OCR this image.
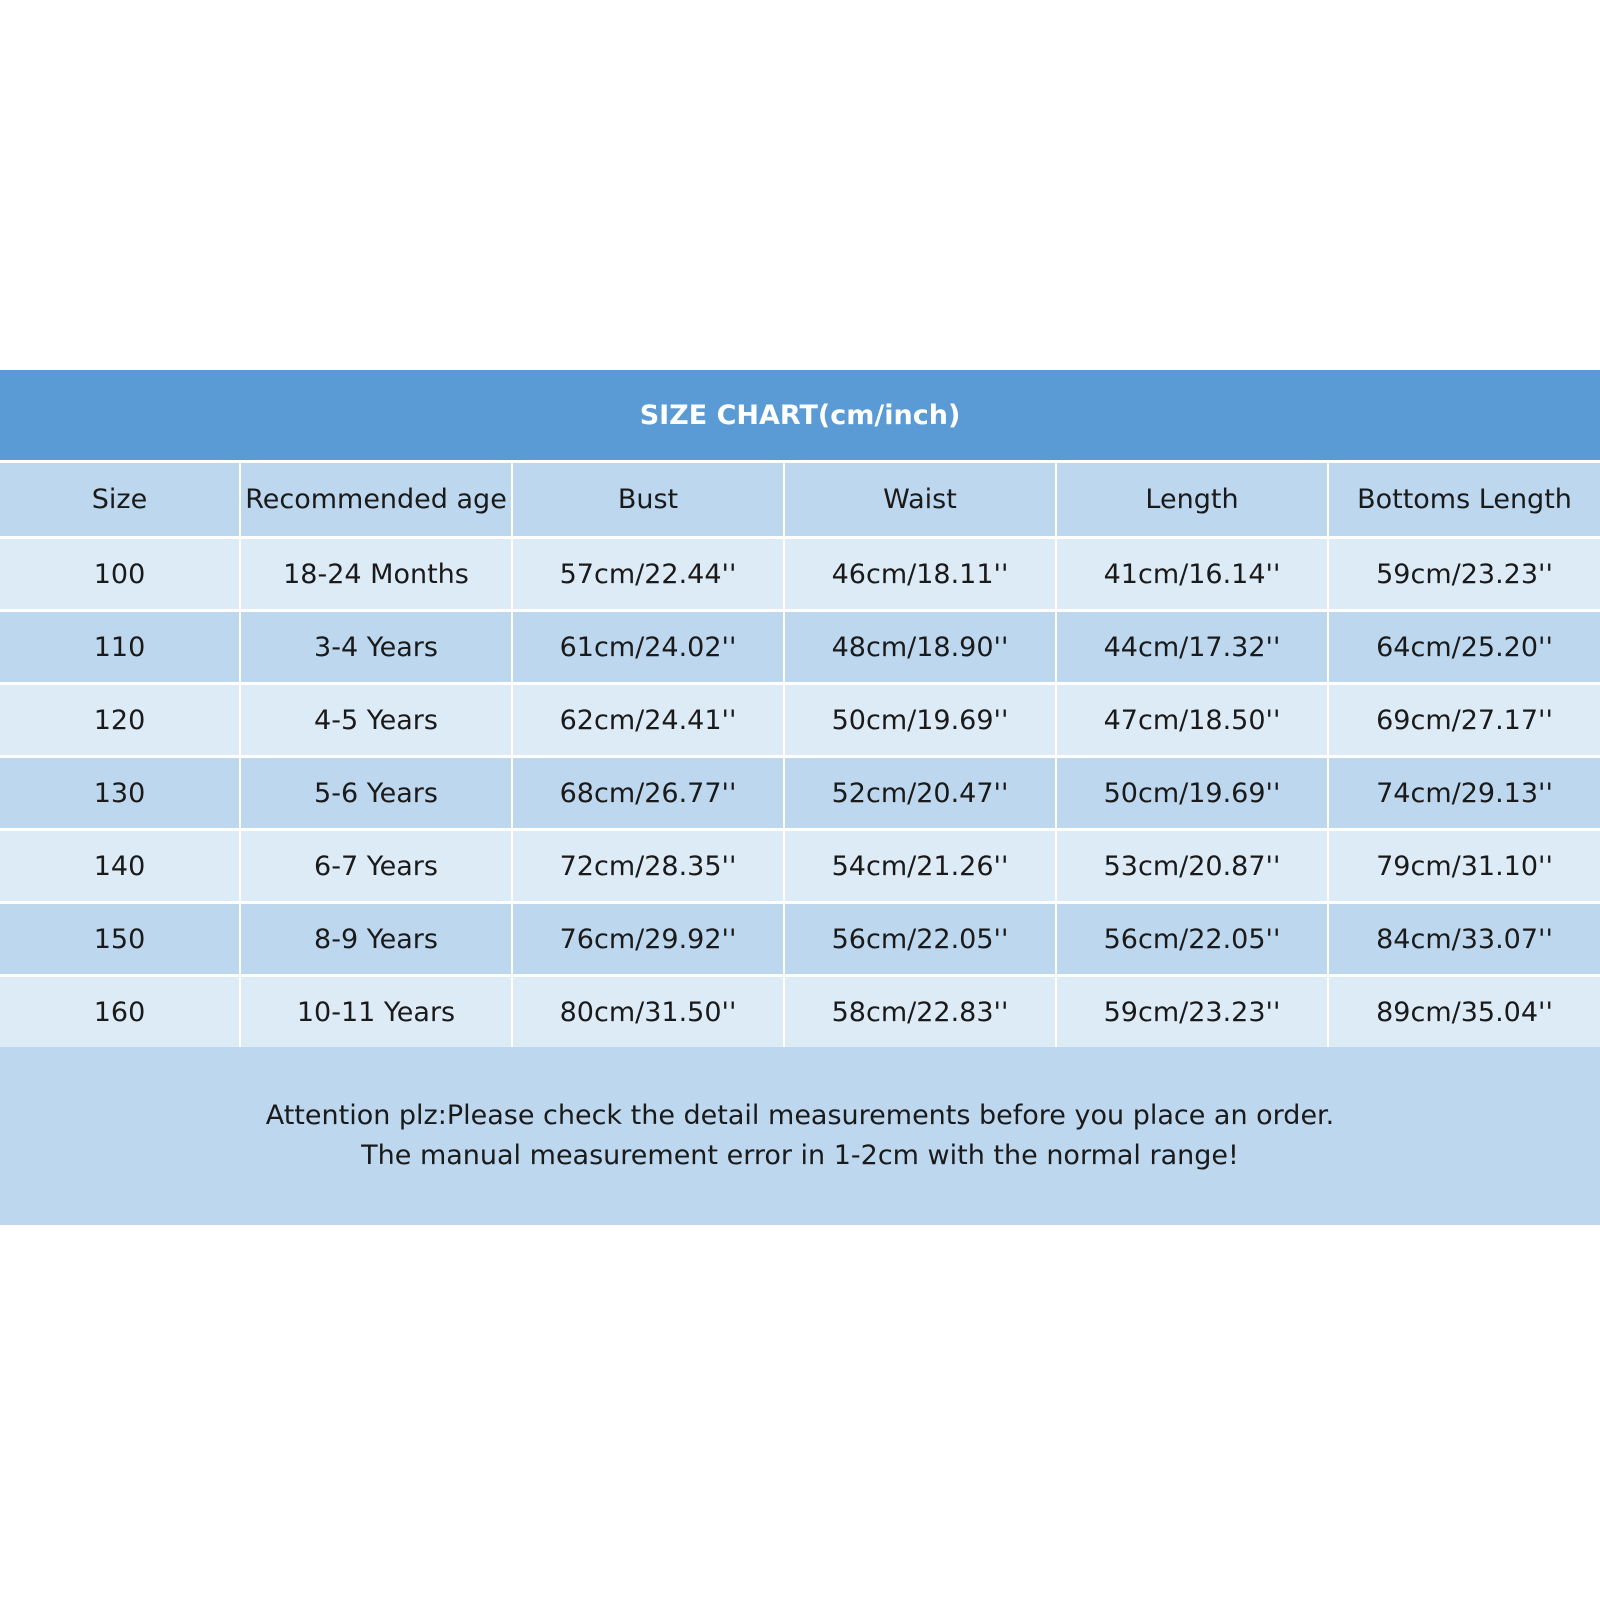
SIZE CHART(cm/inch)
Size	Recommended age	Bust	Waist	Length	Bottoms Length
100	18-24 Months	57cm/22.44''	46cm/18.11''	41cm/16.14''	59cm/23.23''
110	3-4 Years	61cm/24.02''	48cm/18.90''	44cm/17.32''	64cm/25.20''
120	4-5 Years	62cm/24.41''	50cm/19.69''	47cm/18.50''	69cm/27.17''
130	5-6 Years	68cm/26.77''	52cm/20.47''	50cm/19.69''	74cm/29.13''
140	6-7 Years	72cm/28.35''	54cm/21.26''	53cm/20.87''	79cm/31.10''
150	8-9 Years	76cm/29.92''	56cm/22.05''	56cm/22.05''	84cm/33.07''
160	10-11 Years	80cm/31.50''	58cm/22.83''	59cm/23.23''	89cm/35.04''
Attention plz:Please check the detail measurements before you place an order.
The manual measurement error in 1-2cm with the normal range!
